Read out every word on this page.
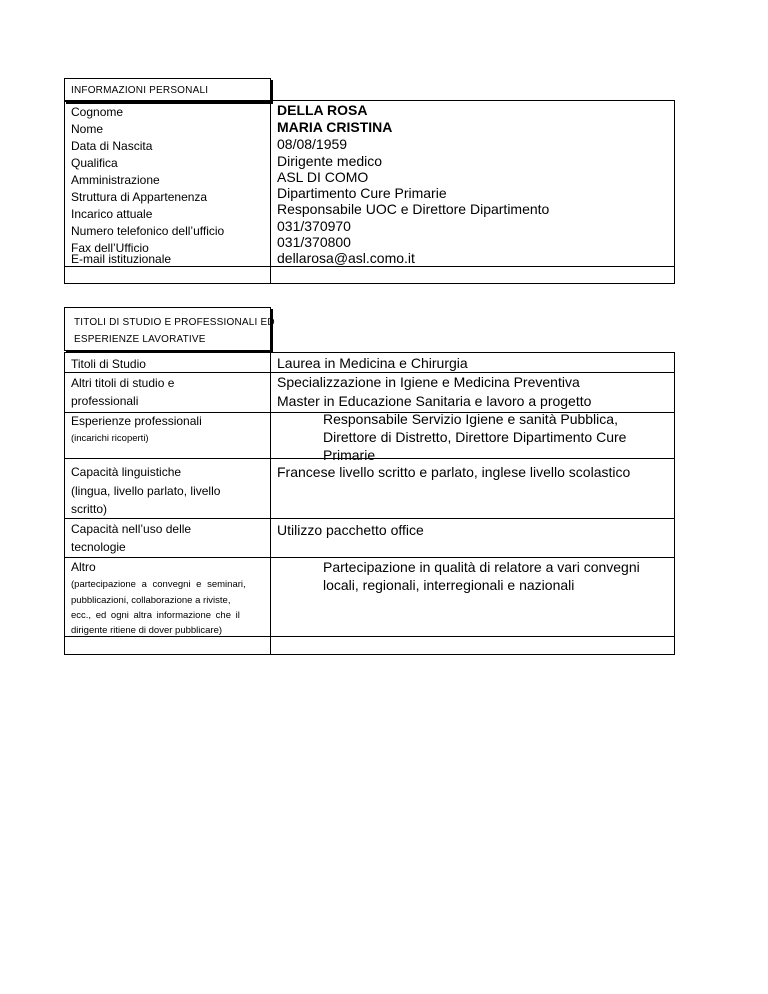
INFORMAZIONI PERSONALI
Cognome
Nome
Data di Nascita
Qualifica
Amministrazione
Struttura di Appartenenza
Incarico attuale
Numero telefonico dell’ufficio
Fax dell’Ufficio
E-mail istituzionale
DELLA ROSA
MARIA CRISTINA
08/08/1959
Dirigente medico
ASL DI COMO
Dipartimento Cure Primarie
Responsabile UOC e Direttore Dipartimento
031/370970
031/370800
dellarosa@asl.como.it
TITOLI DI STUDIO E PROFESSIONALI ED
ESPERIENZE LAVORATIVE
Titoli di Studio
Altri titoli di studio e
professionali
Esperienze professionali
(incarichi ricoperti)
Capacità linguistiche
(lingua, livello parlato, livello
scritto)
Capacità nell’uso delle
tecnologie
Altro
(partecipazione a convegni e seminari,
pubblicazioni, collaborazione a riviste,
ecc., ed ogni altra informazione che il
dirigente ritiene di dover pubblicare)
Laurea in Medicina e Chirurgia
Specializzazione in Igiene e Medicina Preventiva
Master in Educazione Sanitaria e lavoro a progetto
Responsabile Servizio Igiene e sanità Pubblica,
Direttore di Distretto, Direttore Dipartimento Cure
Primarie
Francese livello scritto e parlato, inglese livello scolastico
Utilizzo pacchetto office
Partecipazione in qualità di relatore a vari convegni
locali, regionali, interregionali e nazionali
